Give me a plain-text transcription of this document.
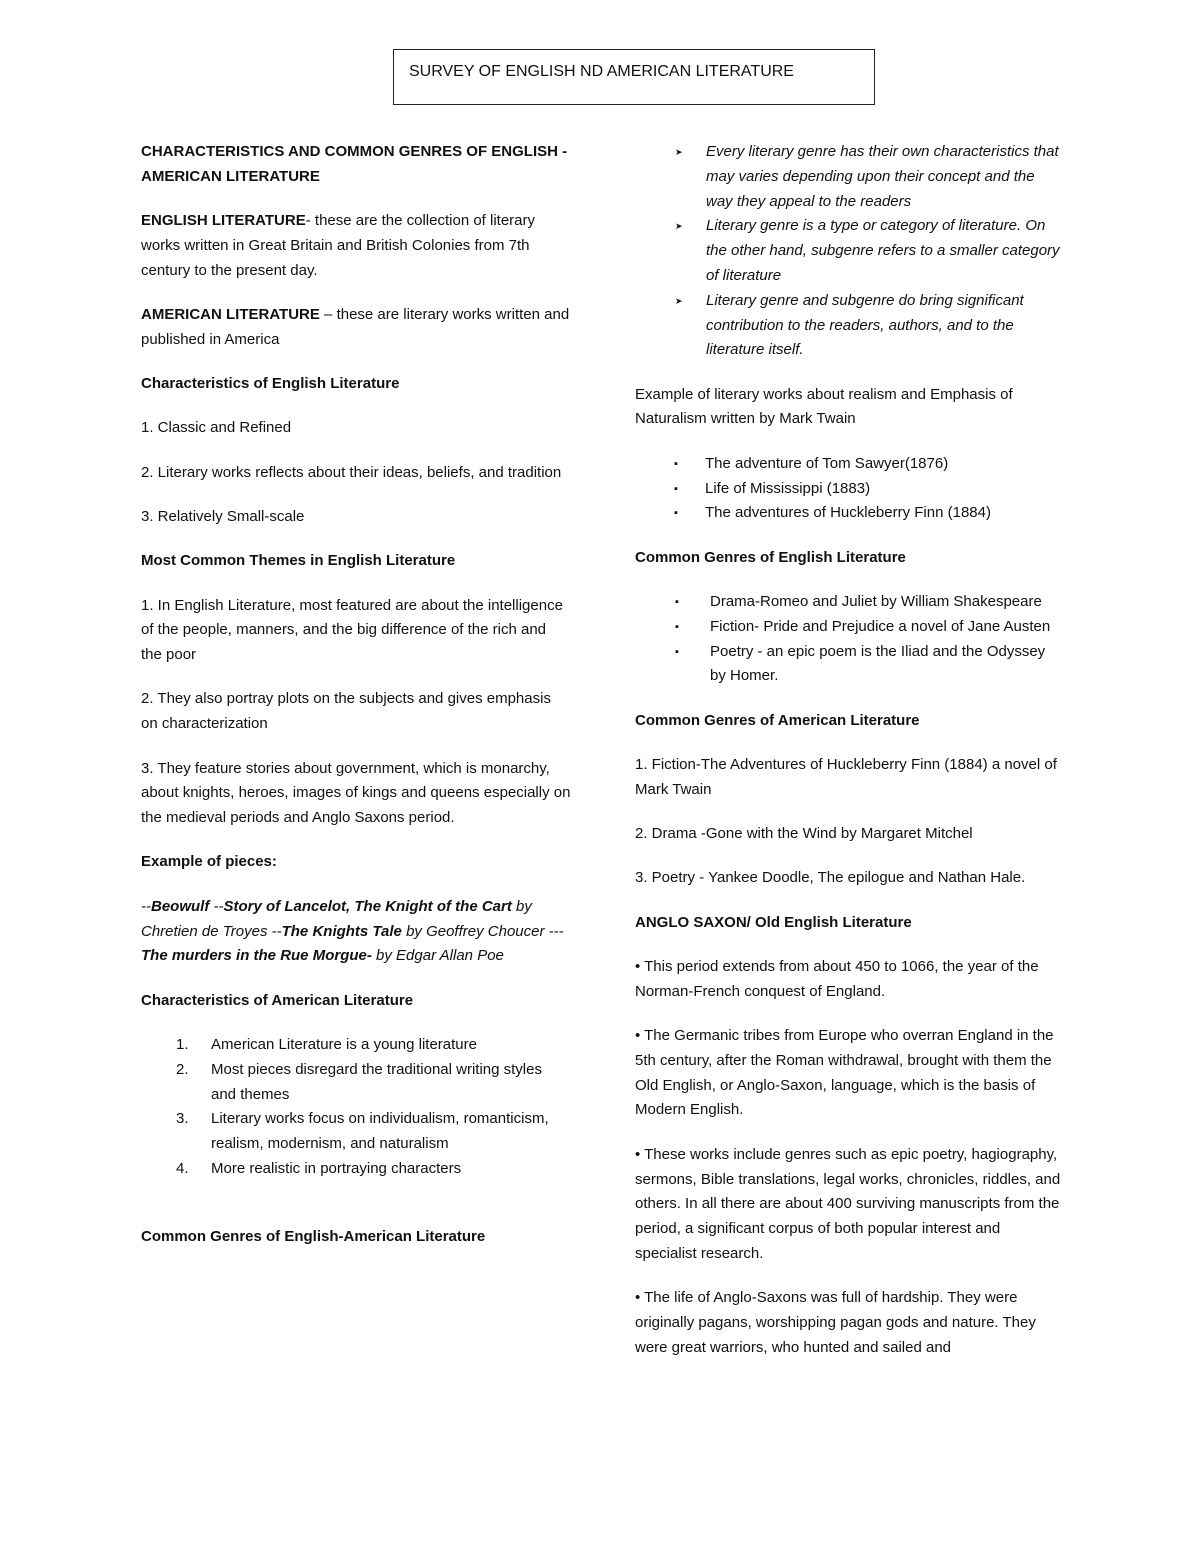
SURVEY OF ENGLISH ND AMERICAN LITERATURE

CHARACTERISTICS AND COMMON GENRES OF ENGLISH - AMERICAN LITERATURE

ENGLISH LITERATURE- these are the collection of literary works written in Great Britain and British Colonies from 7th century to the present day.

AMERICAN LITERATURE – these are literary works written and published in America

Characteristics of English Literature

1. Classic and Refined

2. Literary works reflects about their ideas, beliefs, and tradition

3. Relatively Small-scale

Most Common Themes in English Literature

1. In English Literature, most featured are about the intelligence of the people, manners, and the big difference of the rich and the poor

2. They also portray plots on the subjects and gives emphasis on characterization

3. They feature stories about government, which is monarchy, about knights, heroes, images of kings and queens especially on the medieval periods and Anglo Saxons period.

Example of pieces:

--Beowulf --Story of Lancelot, The Knight of the Cart by Chretien de Troyes --The Knights Tale by Geoffrey Choucer ---The murders in the Rue Morgue- by Edgar Allan Poe

Characteristics of American Literature

1. American Literature is a young literature
2. Most pieces disregard the traditional writing styles and themes
3. Literary works focus on individualism, romanticism, realism, modernism, and naturalism
4. More realistic in portraying characters

Common Genres of English-American Literature

➤ Every literary genre has their own characteristics that may varies depending upon their concept and the way they appeal to the readers
➤ Literary genre is a type or category of literature. On the other hand, subgenre refers to a smaller category of literature
➤ Literary genre and subgenre do bring significant contribution to the readers, authors, and to the literature itself.

Example of literary works about realism and Emphasis of Naturalism written by Mark Twain

▪ The adventure of Tom Sawyer(1876)
▪ Life of Mississippi (1883)
▪ The adventures of Huckleberry Finn (1884)

Common Genres of English Literature

▪ Drama-Romeo and Juliet by William Shakespeare
▪ Fiction- Pride and Prejudice a novel of Jane Austen
▪ Poetry - an epic poem is the Iliad and the Odyssey by Homer.

Common Genres of American Literature

1. Fiction-The Adventures of Huckleberry Finn (1884) a novel of Mark Twain

2. Drama -Gone with the Wind by Margaret Mitchel

3. Poetry - Yankee Doodle, The epilogue and Nathan Hale.

ANGLO SAXON/ Old English Literature

• This period extends from about 450 to 1066, the year of the Norman-French conquest of England.

• The Germanic tribes from Europe who overran England in the 5th century, after the Roman withdrawal, brought with them the Old English, or Anglo-Saxon, language, which is the basis of Modern English.

• These works include genres such as epic poetry, hagiography, sermons, Bible translations, legal works, chronicles, riddles, and others. In all there are about 400 surviving manuscripts from the period, a significant corpus of both popular interest and specialist research.

• The life of Anglo-Saxons was full of hardship. They were originally pagans, worshipping pagan gods and nature. They were great warriors, who hunted and sailed and
